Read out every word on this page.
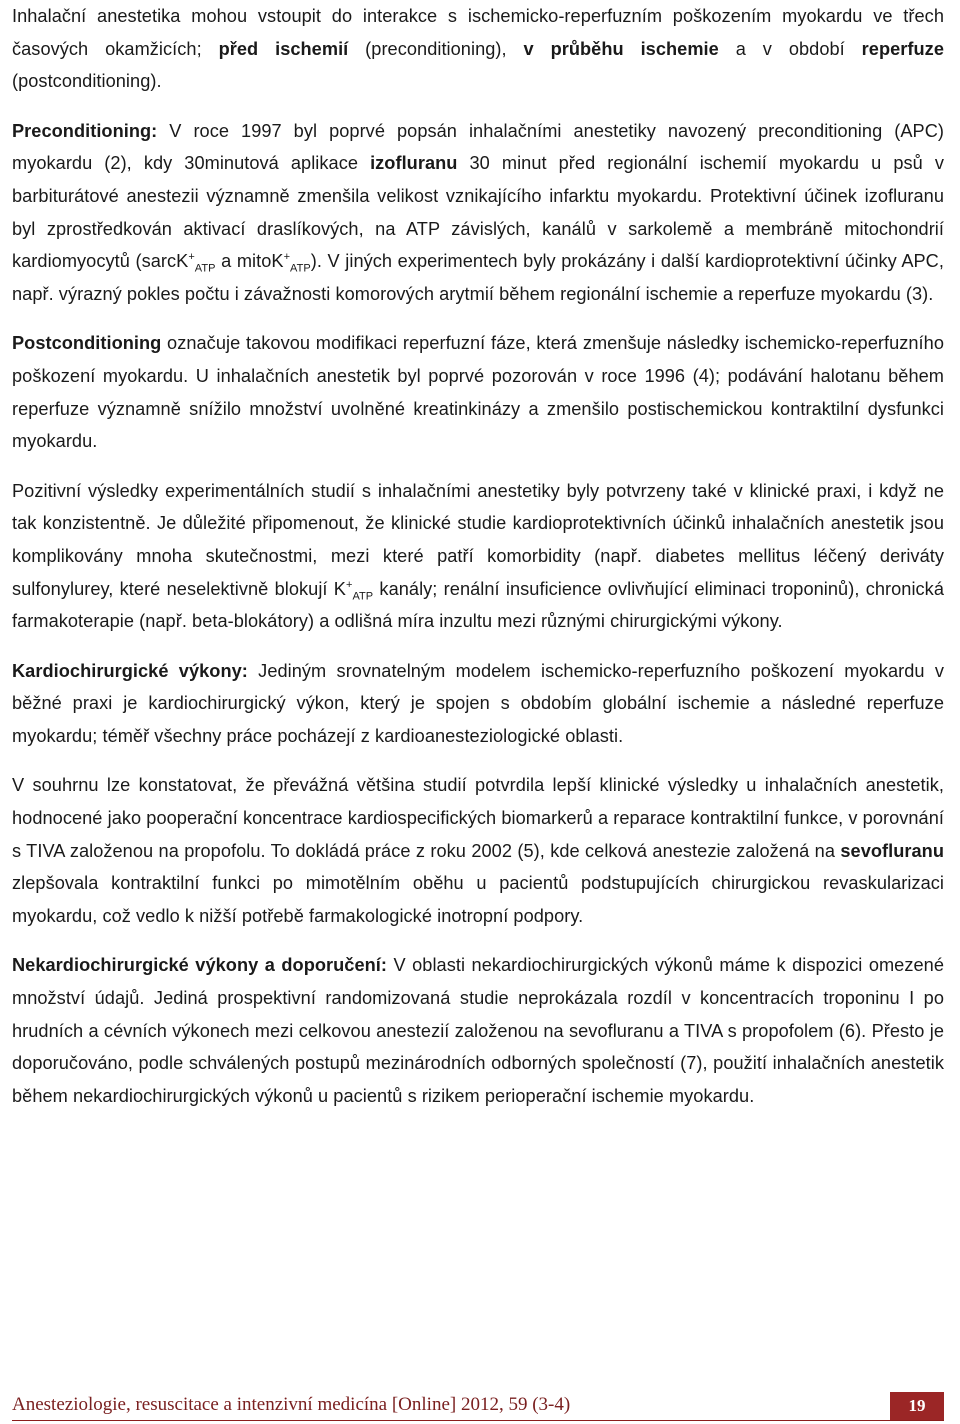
Inhalační anestetika mohou vstoupit do interakce s ischemicko-reperfuzním poškozením myokardu ve třech časových okamžicích; před ischemií (preconditioning), v průběhu ischemie a v období reperfuze (postconditioning).

Preconditioning: V roce 1997 byl poprvé popsán inhalačními anestetiky navozený preconditioning (APC) myokardu (2), kdy 30minutová aplikace izofluranu 30 minut před regionální ischemií myokardu u psů v barbiturátové anestezii významně zmenšila velikost vznikajícího infarktu myokardu. Protektivní účinek izofluranu byl zprostředkován aktivací draslíkových, na ATP závislých, kanálů v sarkolemě a membráně mitochondrií kardiomyocytů (sarcK+$_{ATP}$ a mitoK+$_{ATP}$). V jiných experimentech byly prokázány i další kardioprotektivní účinky APC, např. výrazný pokles počtu i závažnosti komorových arytmií během regionální ischemie a reperfuze myokardu (3).

Postconditioning označuje takovou modifikaci reperfuzní fáze, která zmenšuje následky ischemicko-reperfuzního poškození myokardu. U inhalačních anestetik byl poprvé pozorován v roce 1996 (4); podávání halotanu během reperfuze významně snížilo množství uvolněné kreatinkinázy a zmenšilo postischemickou kontraktilní dysfunkci myokardu.

Pozitivní výsledky experimentálních studií s inhalačními anestetiky byly potvrzeny také v klinické praxi, i když ne tak konzistentně. Je důležité připomenout, že klinické studie kardioprotektivních účinků inhalačních anestetik jsou komplikovány mnoha skutečnostmi, mezi které patří komorbidity (např. diabetes mellitus léčený deriváty sulfonylurey, které neselektivně blokují $K^+_{ATP}$ kanály; renální insuficience ovlivňující eliminaci troponinů), chronická farmakoterapie (např. beta-blokátory) a odlišná míra inzultu mezi různými chirurgickými výkony.

Kardiochirurgické výkony: Jediným srovnatelným modelem ischemicko-reperfuzního poškození myokardu v běžné praxi je kardiochirurgický výkon, který je spojen s obdobím globální ischemie a následné reperfuze myokardu; téměř všechny práce pocházejí z kardioanesteziologické oblasti.

V souhrnu lze konstatovat, že převážná většina studií potvrdila lepší klinické výsledky u inhalačních anestetik, hodnocené jako pooperační koncentrace kardiospecifických biomarkerů a reparace kontraktilní funkce, v porovnání s TIVA založenou na propofolu. To dokládá práce z roku 2002 (5), kde celková anestezie založená na sevofluranu zlepšovala kontraktilní funkci po mimotělním oběhu u pacientů podstupujících chirurgickou revaskularizaci myokardu, což vedlo k nižší potřebě farmakologické inotropní podpory.

Nekardiochirurgické výkony a doporučení: V oblasti nekardiochirurgických výkonů máme k dispozici omezené množství údajů. Jediná prospektivní randomizovaná studie neprokázala rozdíl v koncentracích troponinu I po hrudních a cévních výkonech mezi celkovou anestezií založenou na sevofluranu a TIVA s propofolem (6). Přesto je doporučováno, podle schválených postupů mezinárodních odborných společností (7), použití inhalačních anestetik během nekardiochirurgických výkonů u pacientů s rizikem perioperační ischemie myokardu.

Anesteziologie, resuscitace a intenzivní medicína [Online] 2012, 59 (3-4)	19
